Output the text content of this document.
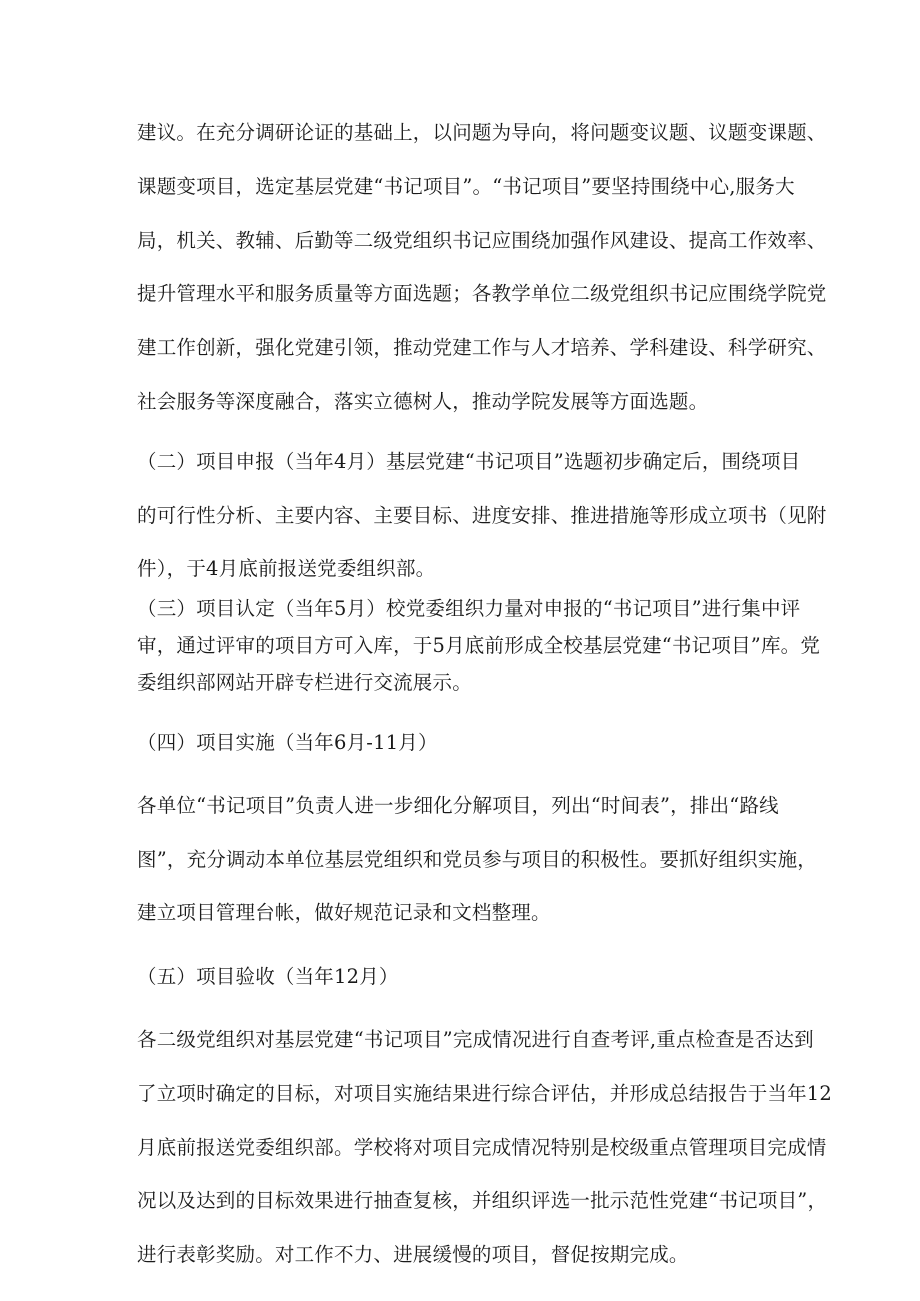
建议。在充分调研论证的基础上，以问题为导向，将问题变议题、议题变课题、
课题变项目，选定基层党建“书记项目”。“书记项目”要坚持围绕中心,服务大
局，机关、教辅、后勤等二级党组织书记应围绕加强作风建设、提高工作效率、
提升管理水平和服务质量等方面选题；各教学单位二级党组织书记应围绕学院党
建工作创新，强化党建引领，推动党建工作与人才培养、学科建设、科学研究、
社会服务等深度融合，落实立德树人，推动学院发展等方面选题。
（二）项目申报（当年4月）基层党建“书记项目”选题初步确定后，围绕项目
的可行性分析、主要内容、主要目标、进度安排、推进措施等形成立项书（见附
件），于4月底前报送党委组织部。
（三）项目认定（当年5月）校党委组织力量对申报的“书记项目”进行集中评
审，通过评审的项目方可入库，于5月底前形成全校基层党建“书记项目”库。党
委组织部网站开辟专栏进行交流展示。
（四）项目实施（当年6月-11月）
各单位“书记项目”负责人进一步细化分解项目，列出“时间表”，排出“路线
图”，充分调动本单位基层党组织和党员参与项目的积极性。要抓好组织实施，
建立项目管理台帐，做好规范记录和文档整理。
（五）项目验收（当年12月）
各二级党组织对基层党建“书记项目”完成情况进行自查考评,重点检查是否达到
了立项时确定的目标，对项目实施结果进行综合评估，并形成总结报告于当年12
月底前报送党委组织部。学校将对项目完成情况特别是校级重点管理项目完成情
况以及达到的目标效果进行抽查复核，并组织评选一批示范性党建“书记项目”，
进行表彰奖励。对工作不力、进展缓慢的项目，督促按期完成。
